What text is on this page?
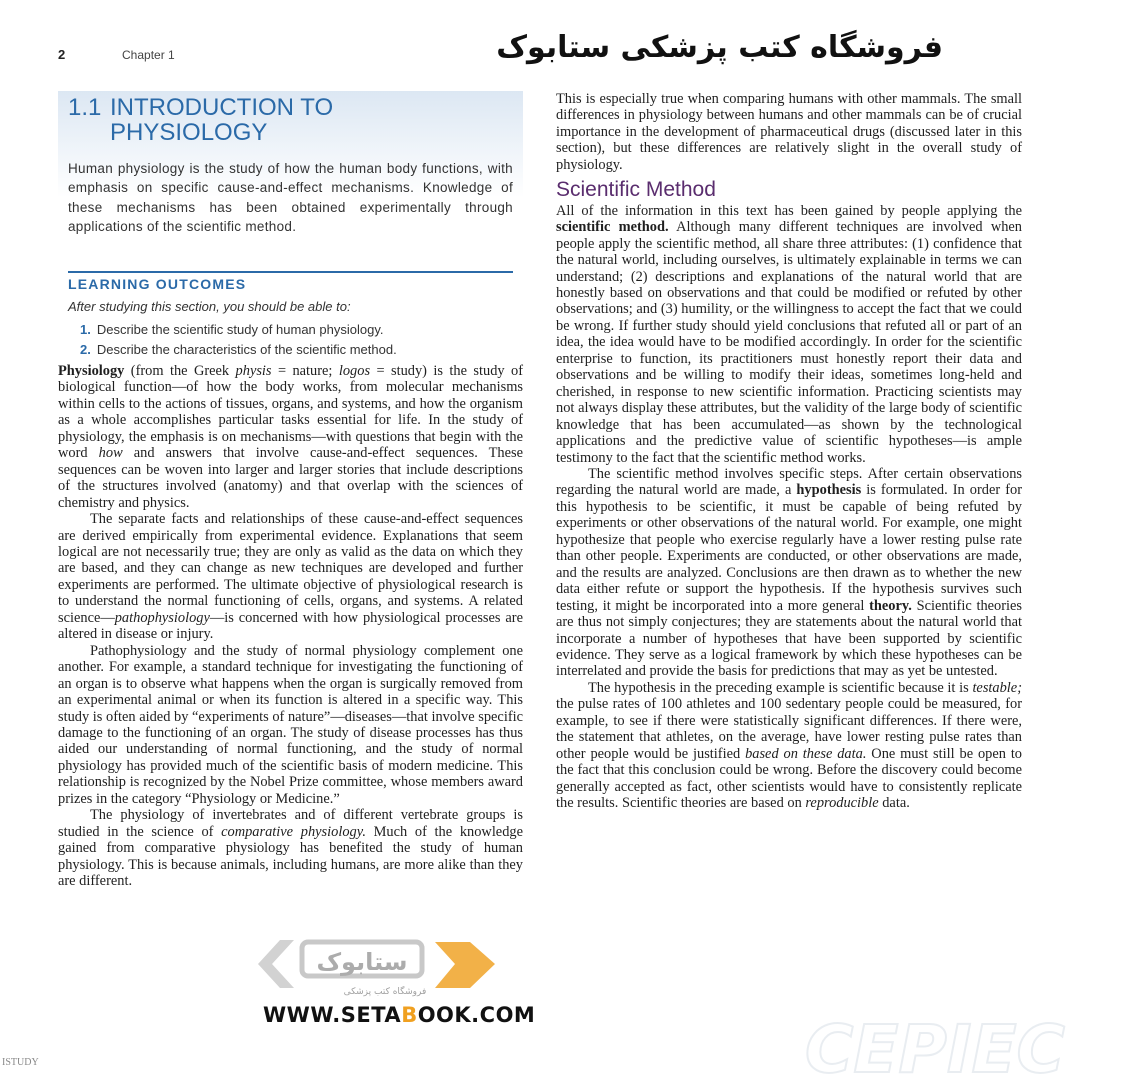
2	Chapter 1	فروشگاه کتب پزشکی ستابوک
1.1 INTRODUCTION TO
PHYSIOLOGY
Human physiology is the study of how the human body functions, with emphasis on specific cause-and-effect mechanisms. Knowledge of these mechanisms has been obtained experimentally through applications of the scientific method.
LEARNING OUTCOMES
After studying this section, you should be able to:
1. Describe the scientific study of human physiology.
2. Describe the characteristics of the scientific method.

Physiology (from the Greek physis = nature; logos = study) is the study of biological function—of how the body works, from molecular mechanisms within cells to the actions of tissues, organs, and systems, and how the organism as a whole accomplishes particular tasks essential for life. In the study of physiology, the emphasis is on mechanisms—with questions that begin with the word how and answers that involve cause-and-effect sequences. These sequences can be woven into larger and larger stories that include descriptions of the structures involved (anatomy) and that overlap with the sciences of chemistry and physics.

The separate facts and relationships of these cause-and-effect sequences are derived empirically from experimental evidence. Explanations that seem logical are not necessarily true; they are only as valid as the data on which they are based, and they can change as new techniques are developed and further experiments are performed. The ultimate objective of physiological research is to understand the normal functioning of cells, organs, and systems. A related science—pathophysiology—is concerned with how physiological processes are altered in disease or injury.

Pathophysiology and the study of normal physiology complement one another. For example, a standard technique for investigating the functioning of an organ is to observe what happens when the organ is surgically removed from an experimental animal or when its function is altered in a specific way. This study is often aided by “experiments of nature”—diseases—that involve specific damage to the functioning of an organ. The study of disease processes has thus aided our understanding of normal functioning, and the study of normal physiology has provided much of the scientific basis of modern medicine. This relationship is recognized by the Nobel Prize committee, whose members award prizes in the category “Physiology or Medicine.”

The physiology of invertebrates and of different vertebrate groups is studied in the science of comparative physiology. Much of the knowledge gained from comparative physiology has benefited the study of human physiology. This is because animals, including humans, are more alike than they are different.

This is especially true when comparing humans with other mammals. The small differences in physiology between humans and other mammals can be of crucial importance in the development of pharmaceutical drugs (discussed later in this section), but these differences are relatively slight in the overall study of physiology.

Scientific Method

All of the information in this text has been gained by people applying the scientific method. Although many different techniques are involved when people apply the scientific method, all share three attributes: (1) confidence that the natural world, including ourselves, is ultimately explainable in terms we can understand; (2) descriptions and explanations of the natural world that are honestly based on observations and that could be modified or refuted by other observations; and (3) humility, or the willingness to accept the fact that we could be wrong. If further study should yield conclusions that refuted all or part of an idea, the idea would have to be modified accordingly. In order for the scientific enterprise to function, its practitioners must honestly report their data and observations and be willing to modify their ideas, sometimes long-held and cherished, in response to new scientific information. Practicing scientists may not always display these attributes, but the validity of the large body of scientific knowledge that has been accumulated—as shown by the technological applications and the predictive value of scientific hypotheses—is ample testimony to the fact that the scientific method works.

The scientific method involves specific steps. After certain observations regarding the natural world are made, a hypothesis is formulated. In order for this hypothesis to be scientific, it must be capable of being refuted by experiments or other observations of the natural world. For example, one might hypothesize that people who exercise regularly have a lower resting pulse rate than other people. Experiments are conducted, or other observations are made, and the results are analyzed. Conclusions are then drawn as to whether the new data either refute or support the hypothesis. If the hypothesis survives such testing, it might be incorporated into a more general theory. Scientific theories are thus not simply conjectures; they are statements about the natural world that incorporate a number of hypotheses that have been supported by scientific evidence. They serve as a logical framework by which these hypotheses can be interrelated and provide the basis for predictions that may as yet be untested.

The hypothesis in the preceding example is scientific because it is testable; the pulse rates of 100 athletes and 100 sedentary people could be measured, for example, to see if there were statistically significant differences. If there were, the statement that athletes, on the average, have lower resting pulse rates than other people would be justified based on these data. One must still be open to the fact that this conclusion could be wrong. Before the discovery could become generally accepted as fact, other scientists would have to consistently replicate the results. Scientific theories are based on reproducible data.

ستابوک
فروشگاه کتب پزشکی
WWW.SETABOOK.COM	CEPIEC
ISTUDY
